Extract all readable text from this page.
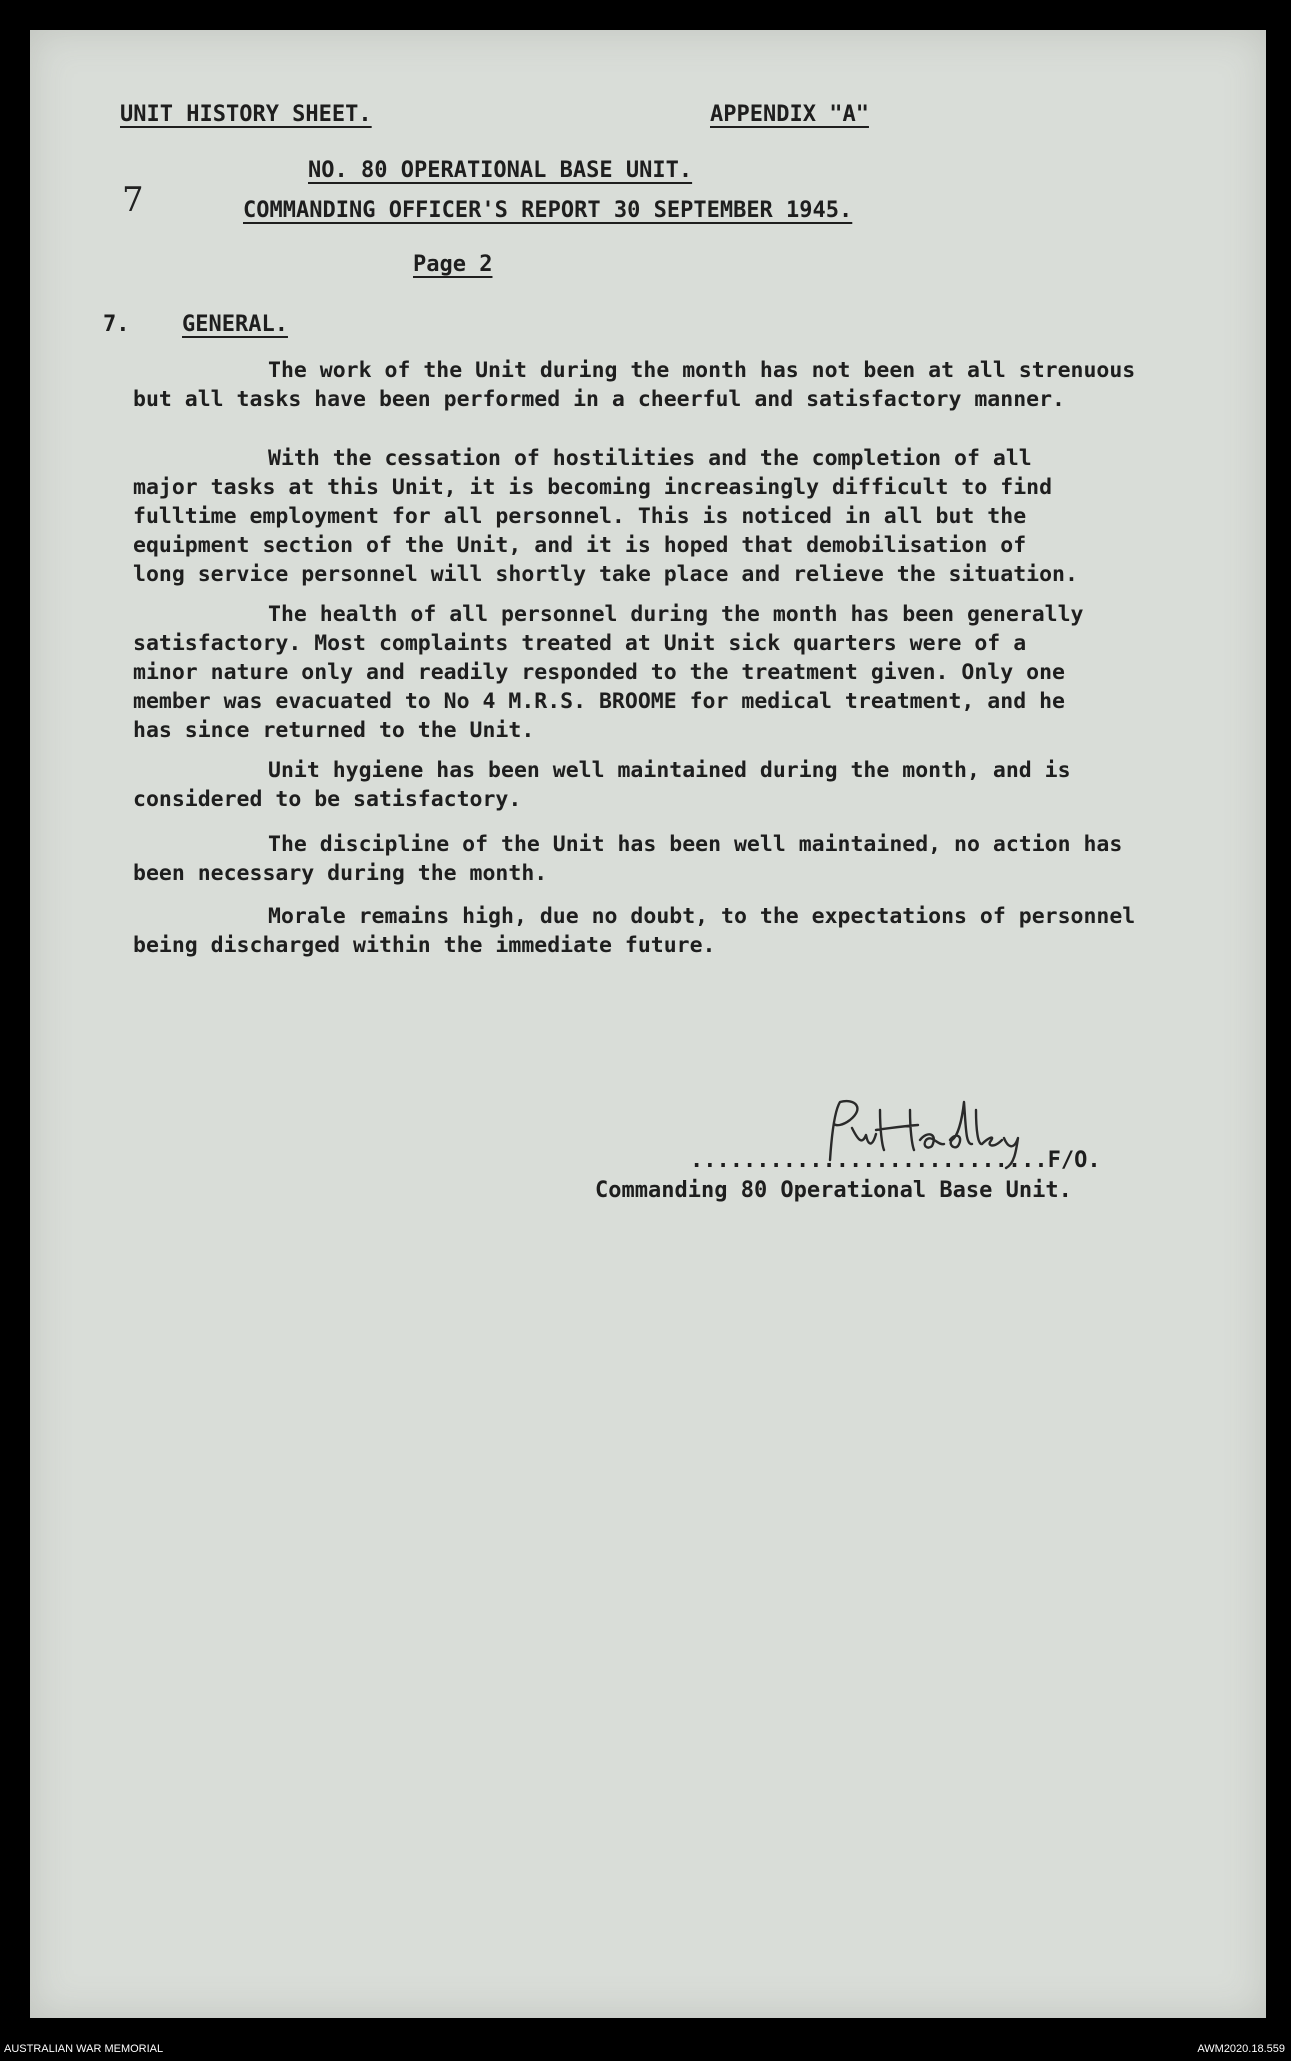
UNIT HISTORY SHEET.	APPENDIX "A"
NO. 80 OPERATIONAL BASE UNIT.
COMMANDING OFFICER'S REPORT 30 SEPTEMBER 1945.
7
Page 2
7. GENERAL.
The work of the Unit during the month has not been at all strenuous
but all tasks have been performed in a cheerful and satisfactory manner.
With the cessation of hostilities and the completion of all
major tasks at this Unit, it is becoming increasingly difficult to find
fulltime employment for all personnel. This is noticed in all but the
equipment section of the Unit, and it is hoped that demobilisation of
long service personnel will shortly take place and relieve the situation.
The health of all personnel during the month has been generally
satisfactory. Most complaints treated at Unit sick quarters were of a
minor nature only and readily responded to the treatment given. Only one
member was evacuated to No 4 M.R.S. BROOME for medical treatment, and he
has since returned to the Unit.
Unit hygiene has been well maintained during the month, and is
considered to be satisfactory.
The discipline of the Unit has been well maintained, no action has
been necessary during the month.
Morale remains high, due no doubt, to the expectations of personnel
being discharged within the immediate future.
...........................F/O.
Commanding 80 Operational Base Unit.
AUSTRALIAN WAR MEMORIAL	AWM2020.18.559
